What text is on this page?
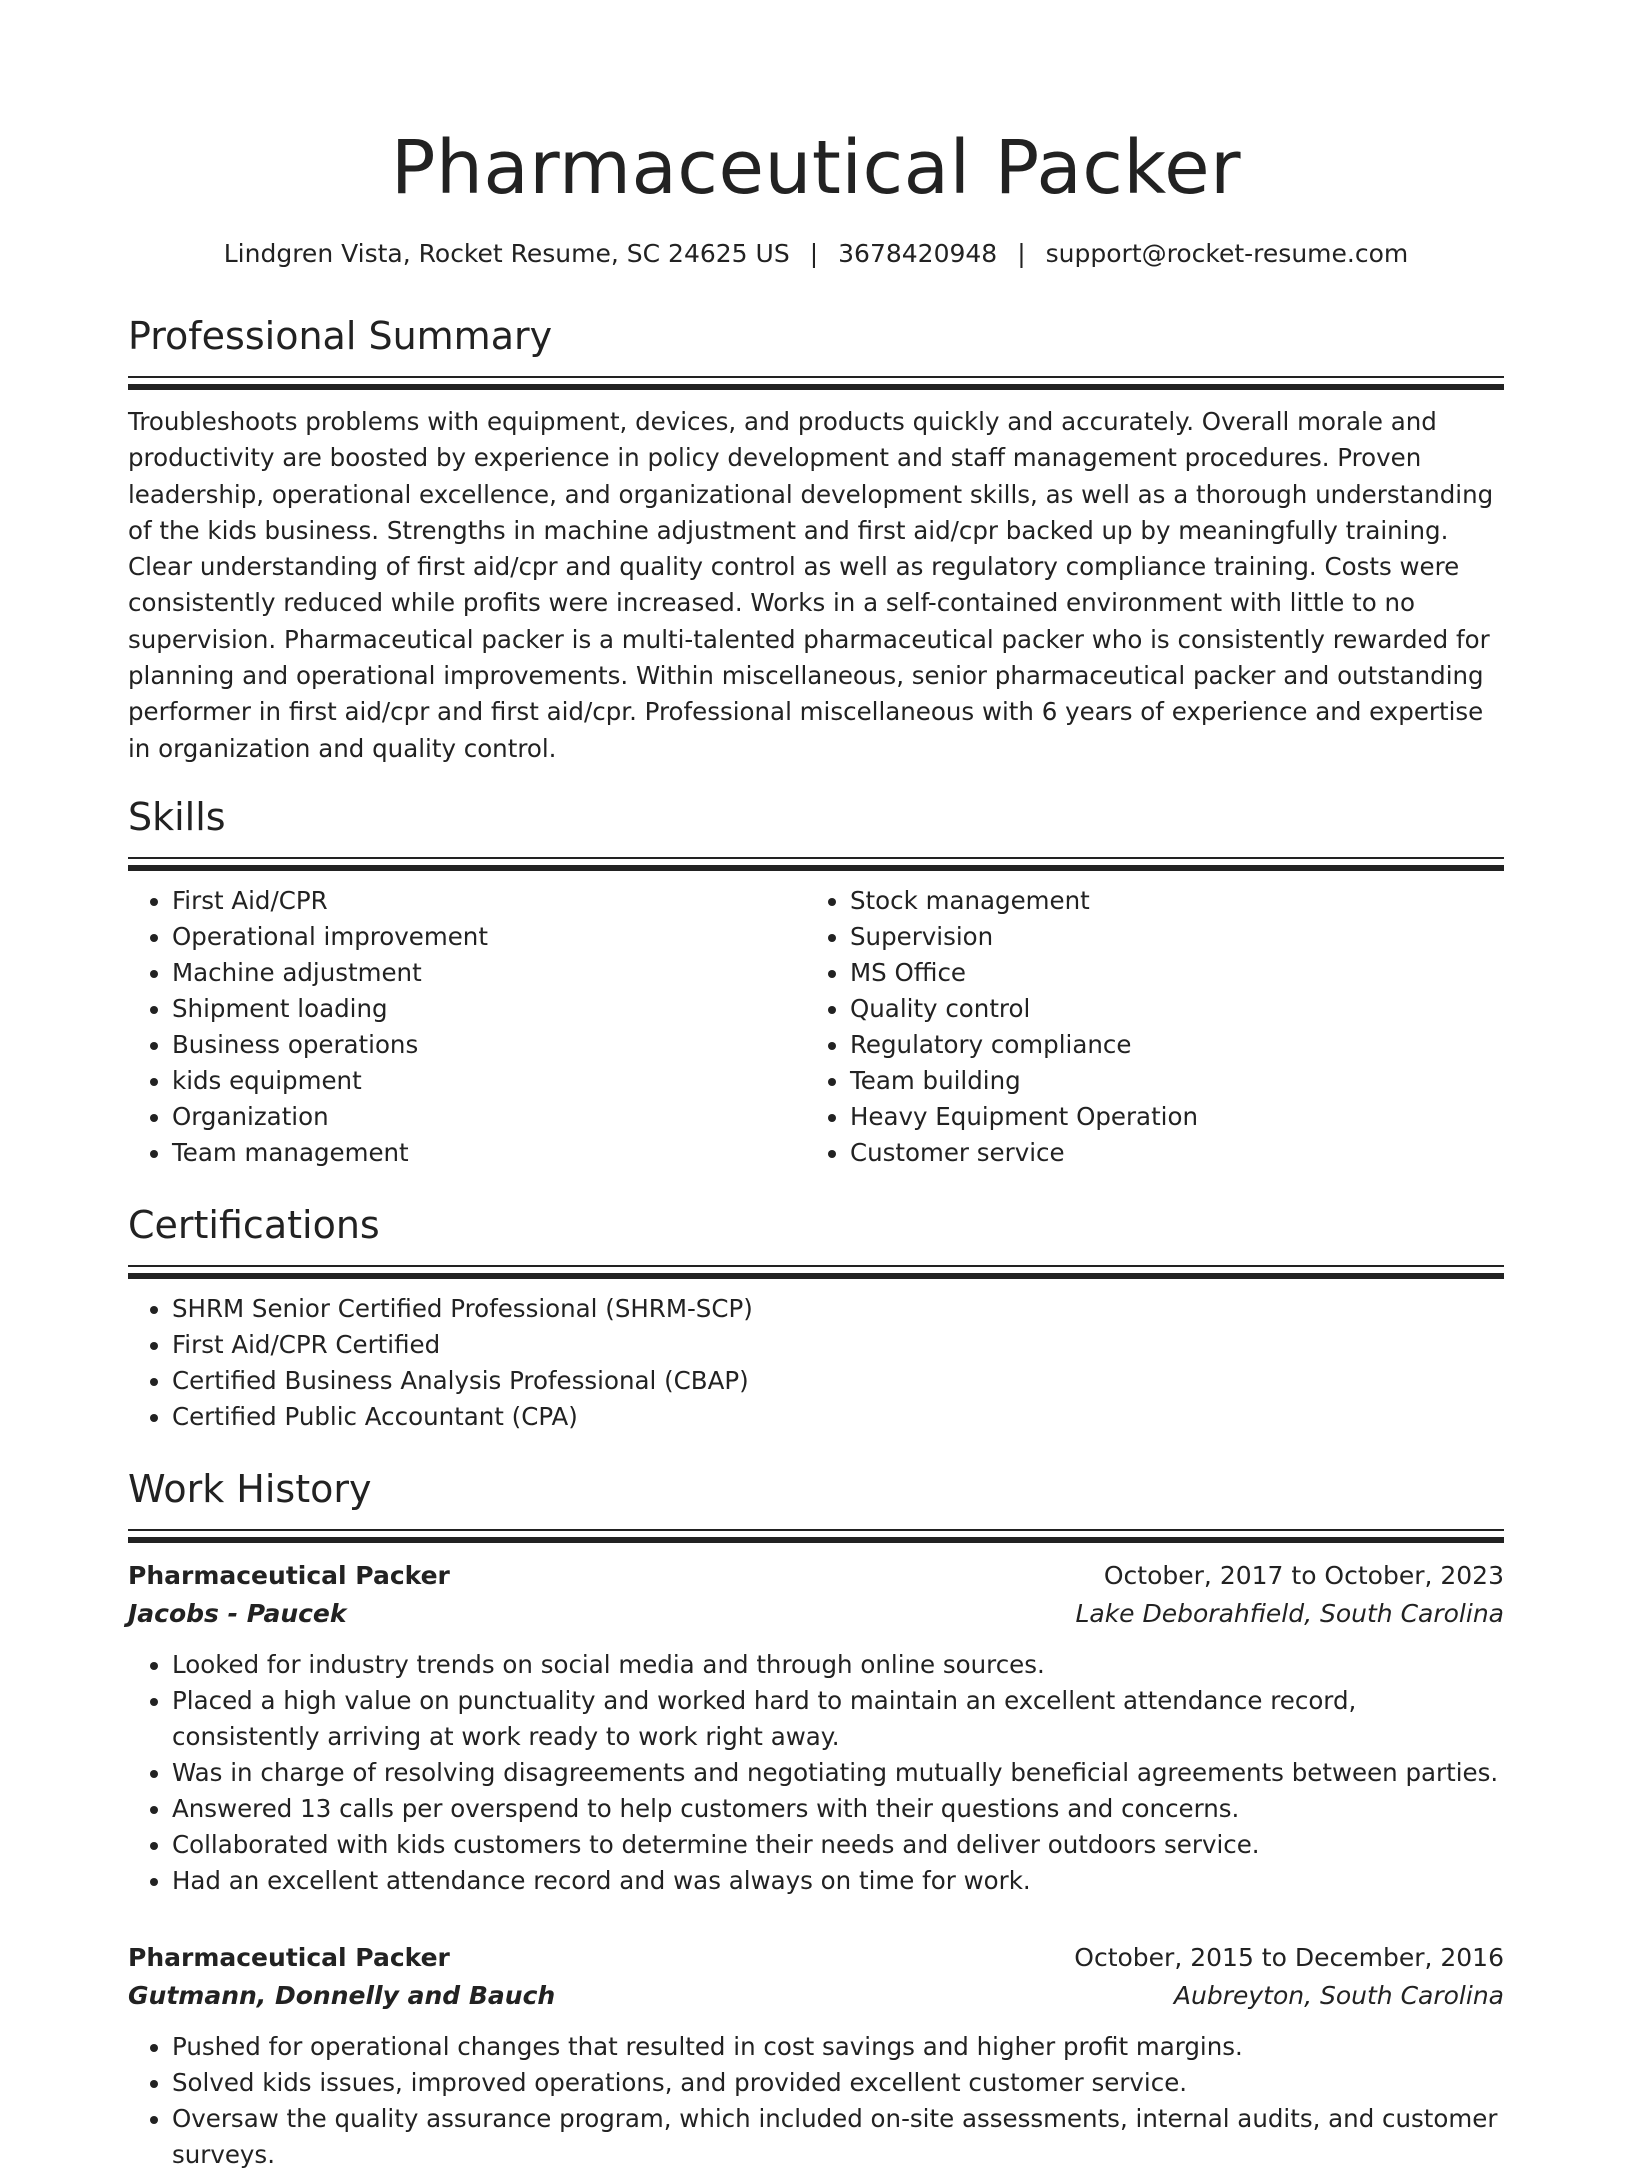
Pharmaceutical Packer
Lindgren Vista, Rocket Resume, SC 24625 US | 3678420948 | support@rocket-resume.com
Professional Summary

Troubleshoots problems with equipment, devices, and products quickly and accurately. Overall morale and productivity are boosted by experience in policy development and staff management procedures. Proven leadership, operational excellence, and organizational development skills, as well as a thorough understanding of the kids business. Strengths in machine adjustment and first aid/cpr backed up by meaningfully training. Clear understanding of first aid/cpr and quality control as well as regulatory compliance training. Costs were consistently reduced while profits were increased. Works in a self-contained environment with little to no supervision. Pharmaceutical packer is a multi-talented pharmaceutical packer who is consistently rewarded for planning and operational improvements. Within miscellaneous, senior pharmaceutical packer and outstanding performer in first aid/cpr and first aid/cpr. Professional miscellaneous with 6 years of experience and expertise in organization and quality control.

Skills
• First Aid/CPR
• Operational improvement
• Machine adjustment
• Shipment loading
• Business operations
• kids equipment
• Organization
• Team management
• Stock management
• Supervision
• MS Office
• Quality control
• Regulatory compliance
• Team building
• Heavy Equipment Operation
• Customer service
Certifications
• SHRM Senior Certified Professional (SHRM-SCP)
• First Aid/CPR Certified
• Certified Business Analysis Professional (CBAP)
• Certified Public Accountant (CPA)
Work History
Pharmaceutical Packer	October, 2017 to October, 2023
Jacobs - Paucek	Lake Deborahfield, South Carolina
• Looked for industry trends on social media and through online sources.
• Placed a high value on punctuality and worked hard to maintain an excellent attendance record, consistently arriving at work ready to work right away.
• Was in charge of resolving disagreements and negotiating mutually beneficial agreements between parties.
• Answered 13 calls per overspend to help customers with their questions and concerns.
• Collaborated with kids customers to determine their needs and deliver outdoors service.
• Had an excellent attendance record and was always on time for work.
Pharmaceutical Packer	October, 2015 to December, 2016
Gutmann, Donnelly and Bauch	Aubreyton, South Carolina
• Pushed for operational changes that resulted in cost savings and higher profit margins.
• Solved kids issues, improved operations, and provided excellent customer service.
• Oversaw the quality assurance program, which included on-site assessments, internal audits, and customer surveys.
